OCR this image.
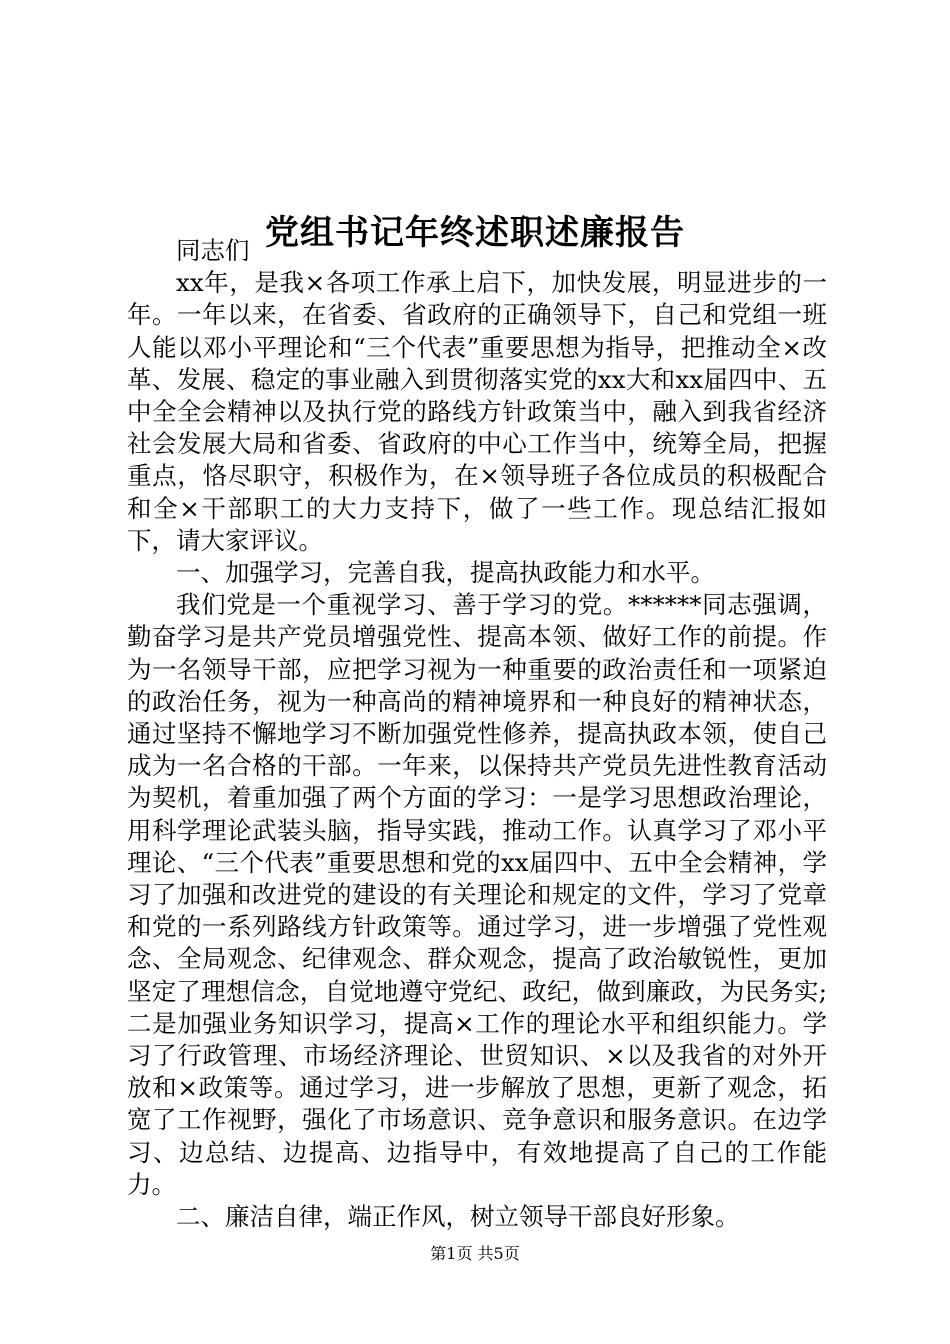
党组书记年终述职述廉报告

同志们

xx年，是我×各项工作承上启下，加快发展，明显进步的一年。一年以来，在省委、省政府的正确领导下，自己和党组一班人能以邓小平理论和“三个代表”重要思想为指导，把推动全×改革、发展、稳定的事业融入到贯彻落实党的xx大和xx届四中、五中全全会精神以及执行党的路线方针政策当中，融入到我省经济社会发展大局和省委、省政府的中心工作当中，统筹全局，把握重点，恪尽职守，积极作为，在×领导班子各位成员的积极配合和全×干部职工的大力支持下，做了一些工作。现总结汇报如下，请大家评议。

一、加强学习，完善自我，提高执政能力和水平。

我们党是一个重视学习、善于学习的党。******同志强调，勤奋学习是共产党员增强党性、提高本领、做好工作的前提。作为一名领导干部，应把学习视为一种重要的政治责任和一项紧迫的政治任务，视为一种高尚的精神境界和一种良好的精神状态，通过坚持不懈地学习不断加强党性修养，提高执政本领，使自己成为一名合格的干部。一年来，以保持共产党员先进性教育活动为契机，着重加强了两个方面的学习：一是学习思想政治理论，用科学理论武装头脑，指导实践，推动工作。认真学习了邓小平理论、“三个代表”重要思想和党的xx届四中、五中全会精神，学习了加强和改进党的建设的有关理论和规定的文件，学习了党章和党的一系列路线方针政策等。通过学习，进一步增强了党性观念、全局观念、纪律观念、群众观念，提高了政治敏锐性，更加坚定了理想信念，自觉地遵守党纪、政纪，做到廉政，为民务实;二是加强业务知识学习，提高×工作的理论水平和组织能力。学习了行政管理、市场经济理论、世贸知识、×以及我省的对外开放和×政策等。通过学习，进一步解放了思想，更新了观念，拓宽了工作视野，强化了市场意识、竞争意识和服务意识。在边学习、边总结、边提高、边指导中，有效地提高了自己的工作能力。

二、廉洁自律，端正作风，树立领导干部良好形象。

第1页 共5页
